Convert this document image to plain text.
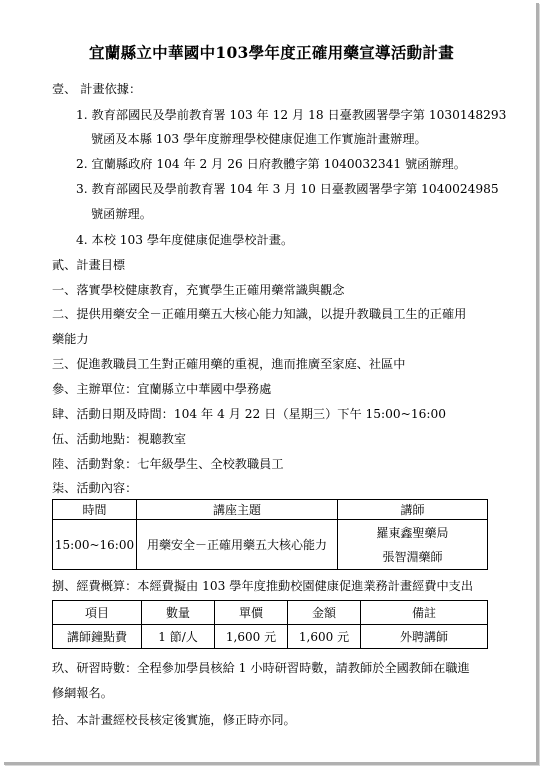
宜蘭縣立中華國中103學年度正確用藥宣導活動計畫
壹、 計畫依據：
1. 教育部國民及學前教育署 103 年 12 月 18 日臺教國署學字第 1030148293
號函及本縣 103 學年度辦理學校健康促進工作實施計畫辦理。
2. 宜蘭縣政府 104 年 2 月 26 日府教體字第 1040032341 號函辦理。
3. 教育部國民及學前教育署 104 年 3 月 10 日臺教國署學字第 1040024985
號函辦理。
4. 本校 103 學年度健康促進學校計畫。
貳、計畫目標
一、落實學校健康教育，充實學生正確用藥常識與觀念
二、提供用藥安全－正確用藥五大核心能力知識，以提升教職員工生的正確用
藥能力
三、促進教職員工生對正確用藥的重視，進而推廣至家庭、社區中
參、主辦單位：宜蘭縣立中華國中學務處
肆、活動日期及時間：104 年 4 月 22 日（星期三）下午 15:00~16:00
伍、活動地點：視聽教室
陸、活動對象：七年級學生、全校教職員工
柒、活動內容：
時間	講座主題	講師
15:00~16:00	用藥安全－正確用藥五大核心能力	羅東鑫聖藥局
張智淵藥師
捌、經費概算：本經費擬由 103 學年度推動校園健康促進業務計畫經費中支出
項目	數量	單價	金額	備註
講師鐘點費	1 節/人	1,600 元	1,600 元	外聘講師
玖、研習時數：全程參加學員核給 1 小時研習時數，請教師於全國教師在職進
修網報名。
拾、本計畫經校長核定後實施，修正時亦同。
